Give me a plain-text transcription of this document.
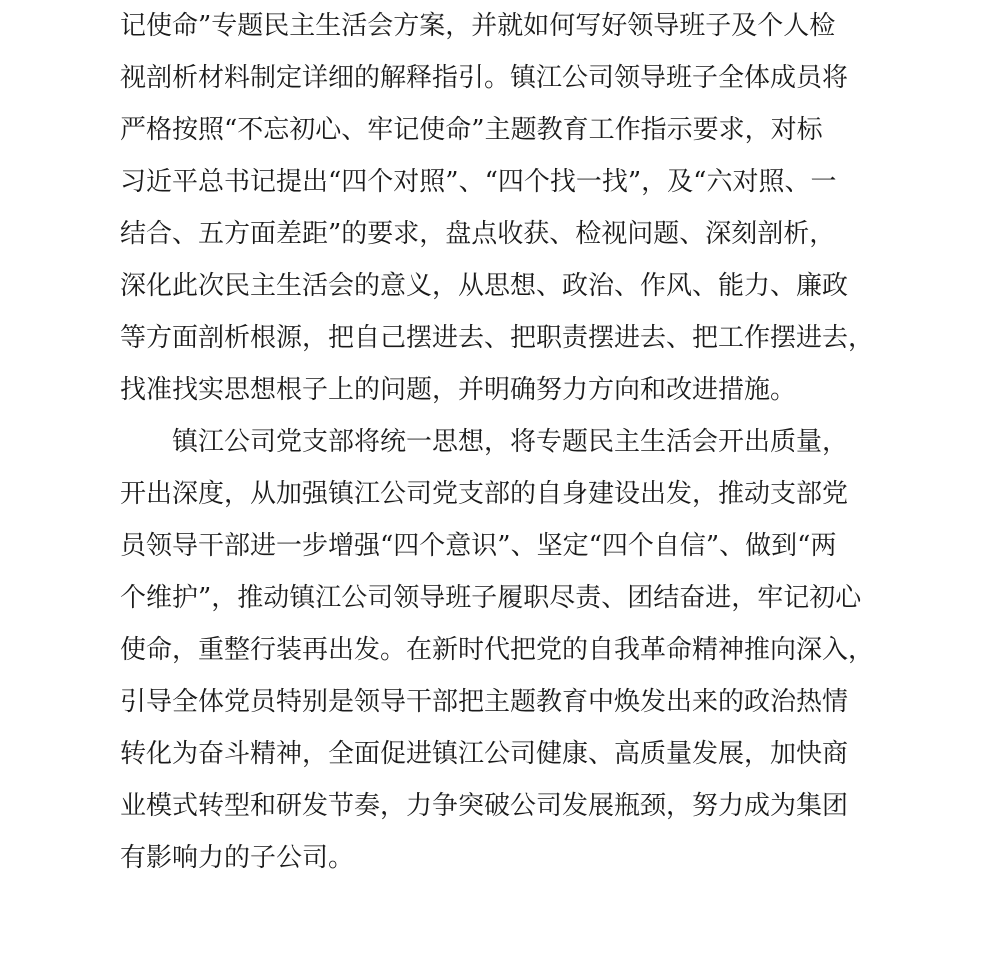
记使命”专题民主生活会方案，并就如何写好领导班子及个人检
视剖析材料制定详细的解释指引。镇江公司领导班子全体成员将
严格按照“不忘初心、牢记使命”主题教育工作指示要求，对标
习近平总书记提出“四个对照”、“四个找一找”，及“六对照、一
结合、五方面差距”的要求，盘点收获、检视问题、深刻剖析，
深化此次民主生活会的意义，从思想、政治、作风、能力、廉政
等方面剖析根源，把自己摆进去、把职责摆进去、把工作摆进去，
找准找实思想根子上的问题，并明确努力方向和改进措施。
镇江公司党支部将统一思想，将专题民主生活会开出质量，
开出深度，从加强镇江公司党支部的自身建设出发，推动支部党
员领导干部进一步增强“四个意识”、坚定“四个自信”、做到“两
个维护”，推动镇江公司领导班子履职尽责、团结奋进，牢记初心
使命，重整行装再出发。在新时代把党的自我革命精神推向深入，
引导全体党员特别是领导干部把主题教育中焕发出来的政治热情
转化为奋斗精神，全面促进镇江公司健康、高质量发展，加快商
业模式转型和研发节奏，力争突破公司发展瓶颈，努力成为集团
有影响力的子公司。
